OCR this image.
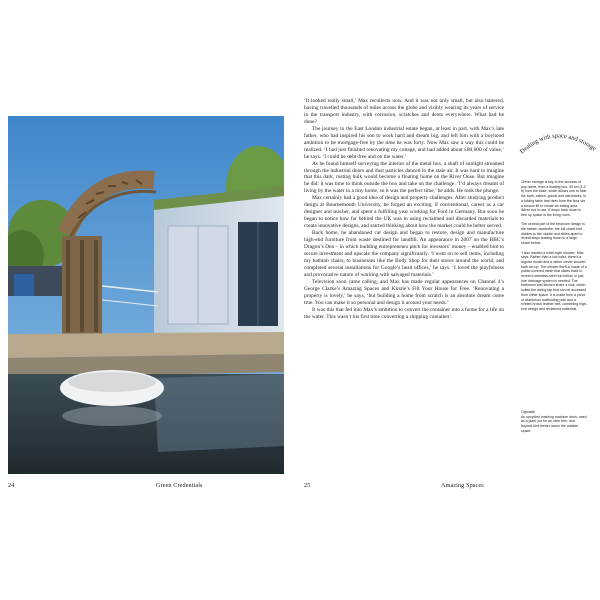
24	Green Credentials

‘It looked really small,’ Max recollects now. And it was not only small, but also battered, having travelled thousands of miles across the globe and visibly wearing its years of service in the transport industry, with corrosion, scratches and dents everywhere. What had he done?

The journey to the East London industrial estate began, at least in part, with Max’s late father, who had inspired his son to work hard and dream big, and left him with a boyhood ambition to be mortgage-free by the time he was forty. Now Max saw a way this could be realized. ‘I had just finished renovating my cottage, and had added about £80,000 of value,’ he says. ‘I could be debt-free and on the water.’

As he found himself surveying the interior of the metal box, a shaft of sunlight streamed through the industrial doors and dust particles danced in the stale air. It was hard to imagine that this dark, rusting hulk would become a floating home on the River Ouse. But imagine he did: it was time to think outside the box and take on the challenge. ‘I’d always dreamt of living by the water in a tiny home, so it was the perfect time,’ he adds. He took the plunge.

Max certainly had a good idea of design and property challenges. After studying product design at Bournemouth University, he forged an exciting, if conventional, career as a car designer and teacher, and spent a fulfilling year working for Ford in Germany. But soon he began to notice how far behind the UK was in using reclaimed and discarded materials to create innovative designs, and started thinking about how the market could be better served.

Back home, he abandoned car design and began to restore, design and manufacture high-end furniture from waste destined for landfill. An appearance in 2007 on the BBC’s Dragon’s Den – in which budding entrepreneurs pitch for investors’ money – enabled him to secure investment and upscale the company significantly. ‘I went on to sell items, including my bathtub chairs, to businesses like the Body Shop for their stores around the world, and completed several installations for Google’s head offices,’ he says. ‘I loved the playfulness and provocative nature of working with salvaged materials.’

Television soon came calling, and Max has made regular appearances on Channel 4’s George Clarke’s Amazing Spaces and Kirstie’s Fill Your House for Free. ‘Renovating a property is lovely,’ he says, ‘but building a home from scratch is an absolute dream come true. You can make it so personal and design it around your needs.’

It was this that fed into Max’s ambition to convert the container into a home for a life on the water. This wasn’t his first time converting a shipping container:

Dealing with space and storage

Clever storage is key to the success of any home, from a floating box, 40 cm (1.3 ft) from the base, which allows one to hide the bath, cables, goods and wardrobes, to a folding table that rises from the floor via a scissor lift to create an eating area. When not in use, it drops back down to free up space in the living room.

The central part of the bedroom design is the hidden wardrobe: the full closet bed divides to the middle and slides apart to reveal steps leading down to a large closet below.

‘I also wanted a hotel-style shower,’ Max says. Rather than a low toilet, there’s a regular model and a rather clever shower/ bath set up. The shower itself is made of a public-covered mesh that slides back to reveal a stainless-steel tub below, in just one drainage system is needed. The bathroom and kitchen share a sink, which suited the wiring tap that can be accessed from either space. It is made from a piece of aluminium scaffolding pole and a riveted brown leather belt, combining high-end design and reclaimed materials.

Opposite

An upcycled washing machine drum, used as a plant pot for an olive tree, and tropical bird feeder adorn the outside space.

25	Amazing Spaces
